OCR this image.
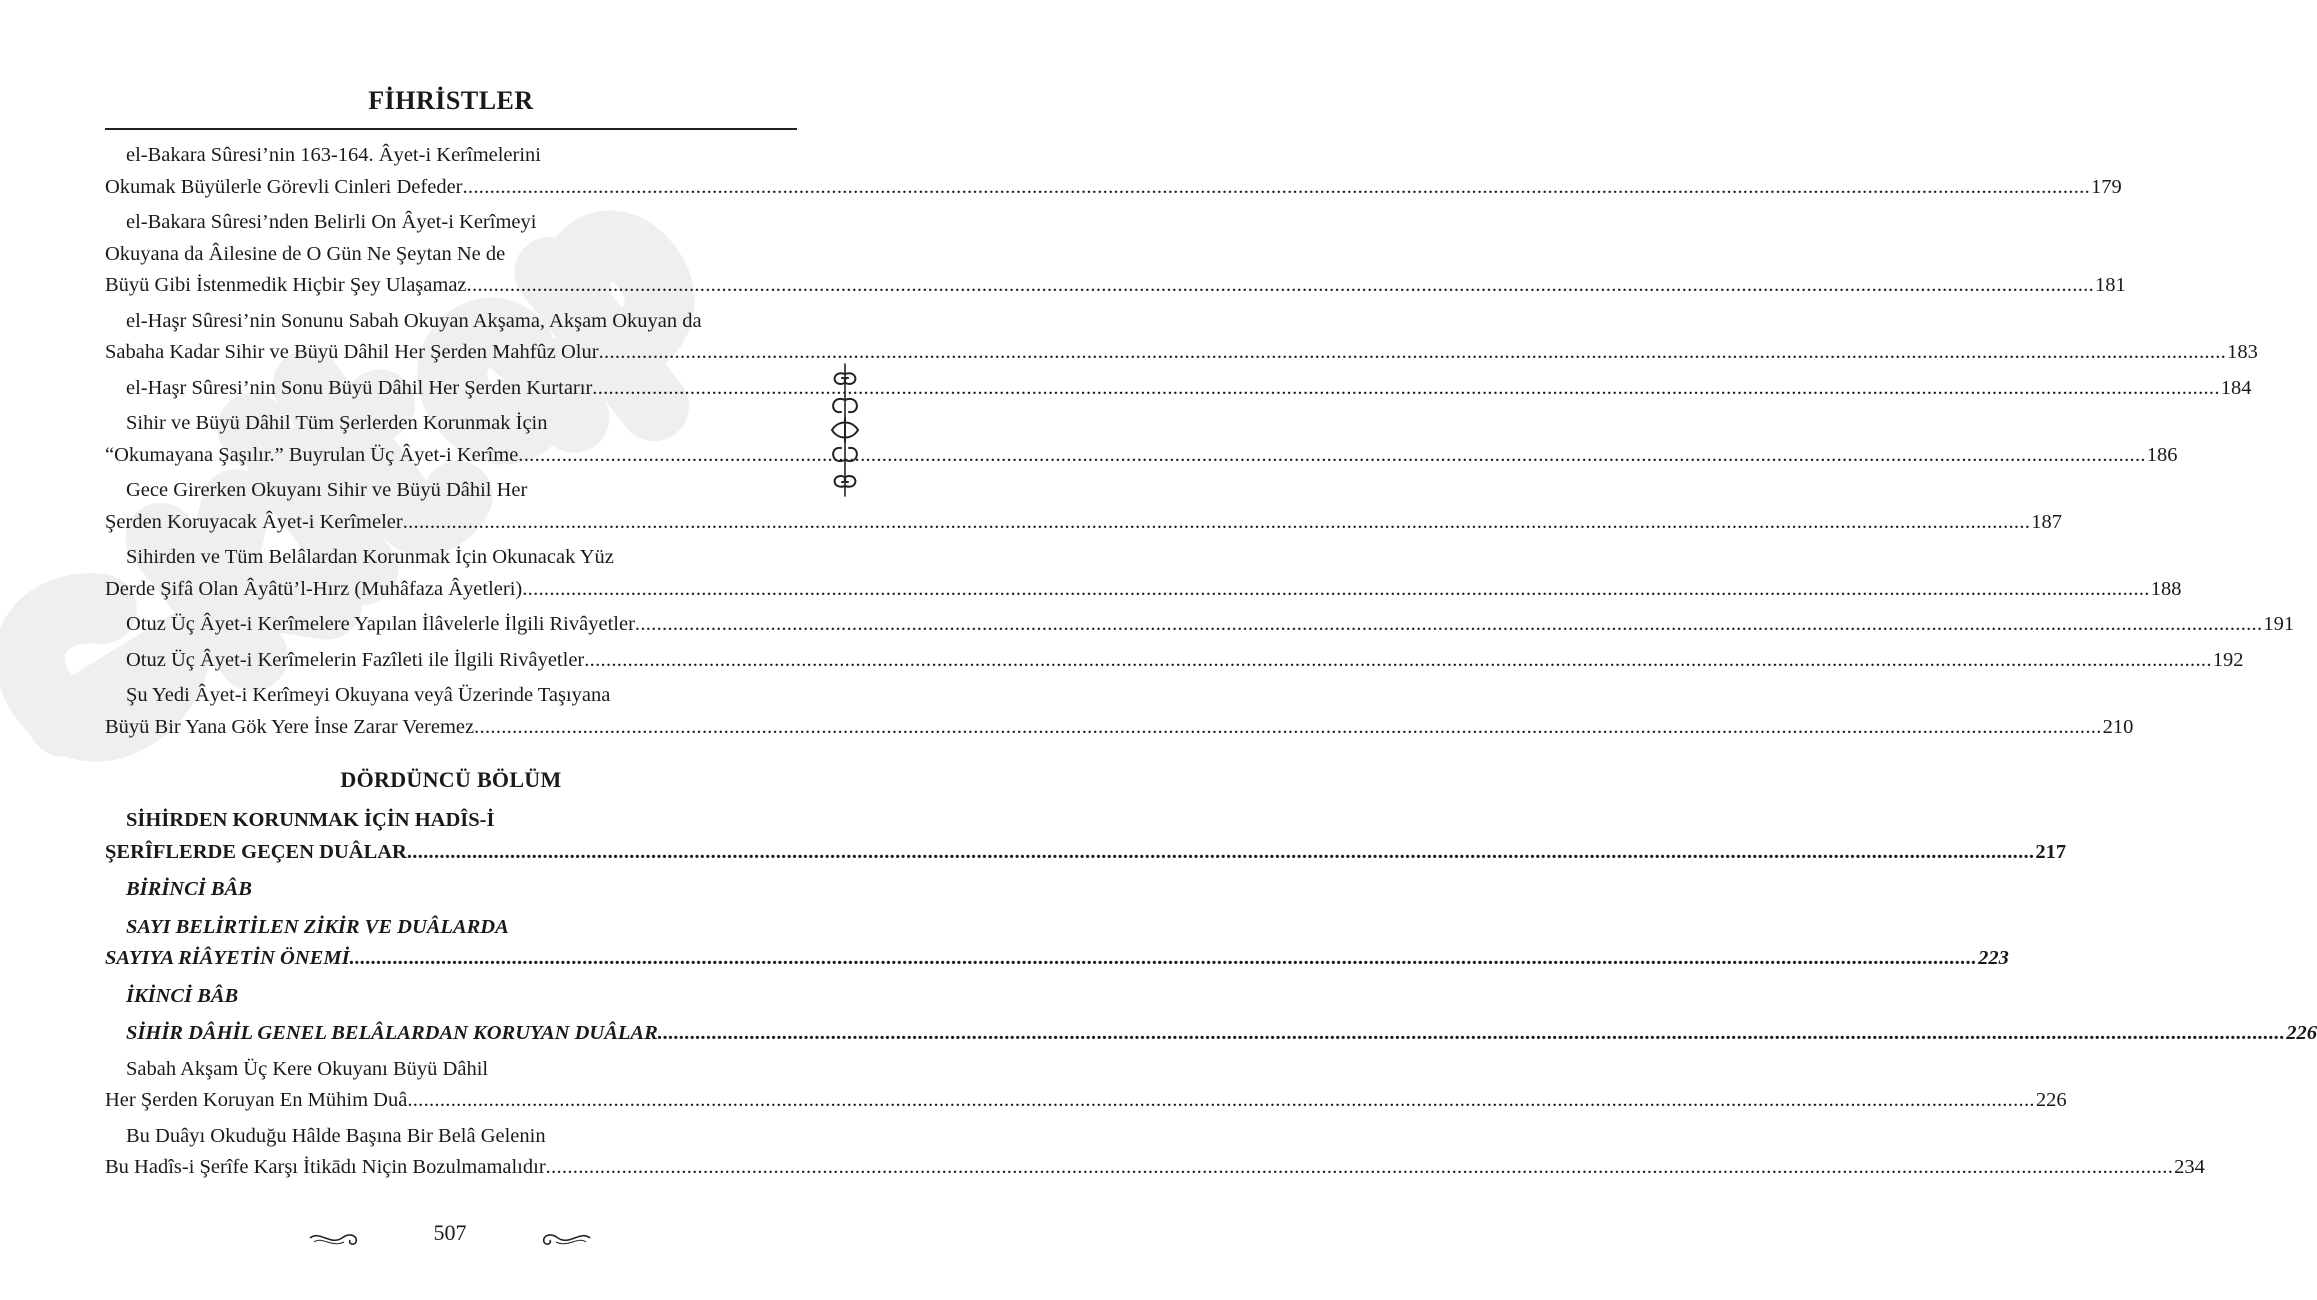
FİHRİSTLER
el-Bakara Sûresi’nin 163-164. Âyet-i Kerîmelerini
Okumak Büyülerle Görevli Cinleri Defeder ............................................................................................................................................................................................................................................................................................................ 179
el-Bakara Sûresi’nden Belirli On Âyet-i Kerîmeyi
Okuyana da Âilesine de O Gün Ne Şeytan Ne de
Büyü Gibi İstenmedik Hiçbir Şey Ulaşamaz ............................................................................................................................................................................................................................................................................................................ 181
el-Haşr Sûresi’nin Sonunu Sabah Okuyan Akşama, Akşam Okuyan da
Sabaha Kadar Sihir ve Büyü Dâhil Her Şerden Mahfûz Olur ............................................................................................................................................................................................................................................................................................................ 183
el-Haşr Sûresi’nin Sonu Büyü Dâhil Her Şerden Kurtarır ............................................................................................................................................................................................................................................................................................................ 184
Sihir ve Büyü Dâhil Tüm Şerlerden Korunmak İçin
“Okumayana Şaşılır.” Buyrulan Üç Âyet-i Kerîme ............................................................................................................................................................................................................................................................................................................ 186
Gece Girerken Okuyanı Sihir ve Büyü Dâhil Her
Şerden Koruyacak Âyet-i Kerîmeler ............................................................................................................................................................................................................................................................................................................ 187
Sihirden ve Tüm Belâlardan Korunmak İçin Okunacak Yüz
Derde Şifâ Olan Âyâtü’l-Hırz (Muhâfaza Âyetleri) ............................................................................................................................................................................................................................................................................................................ 188
Otuz Üç Âyet-i Kerîmelere Yapılan İlâvelerle İlgili Rivâyetler ............................................................................................................................................................................................................................................................................................................ 191
Otuz Üç Âyet-i Kerîmelerin Fazîleti ile İlgili Rivâyetler ............................................................................................................................................................................................................................................................................................................ 192
Şu Yedi Âyet-i Kerîmeyi Okuyana veyâ Üzerinde Taşıyana
Büyü Bir Yana Gök Yere İnse Zarar Veremez ............................................................................................................................................................................................................................................................................................................ 210
DÖRDÜNCÜ BÖLÜM
SİHİRDEN KORUNMAK İÇİN HADÎS-İ
ŞERÎFLERDE GEÇEN DUÂLAR ............................................................................................................................................................................................................................................................................................................ 217
BİRİNCİ BÂB
SAYI BELİRTİLEN ZİKİR VE DUÂLARDA
SAYIYA RİÂYETİN ÖNEMİ ............................................................................................................................................................................................................................................................................................................ 223
İKİNCİ BÂB
SİHİR DÂHİL GENEL BELÂLARDAN KORUYAN DUÂLAR ............................................................................................................................................................................................................................................................................................................ 226
Sabah Akşam Üç Kere Okuyanı Büyü Dâhil
Her Şerden Koruyan En Mühim Duâ ............................................................................................................................................................................................................................................................................................................ 226
Bu Duâyı Okuduğu Hâlde Başına Bir Belâ Gelenin
Bu Hadîs-i Şerîfe Karşı İtikādı Niçin Bozulmamalıdır ............................................................................................................................................................................................................................................................................................................ 234
507
